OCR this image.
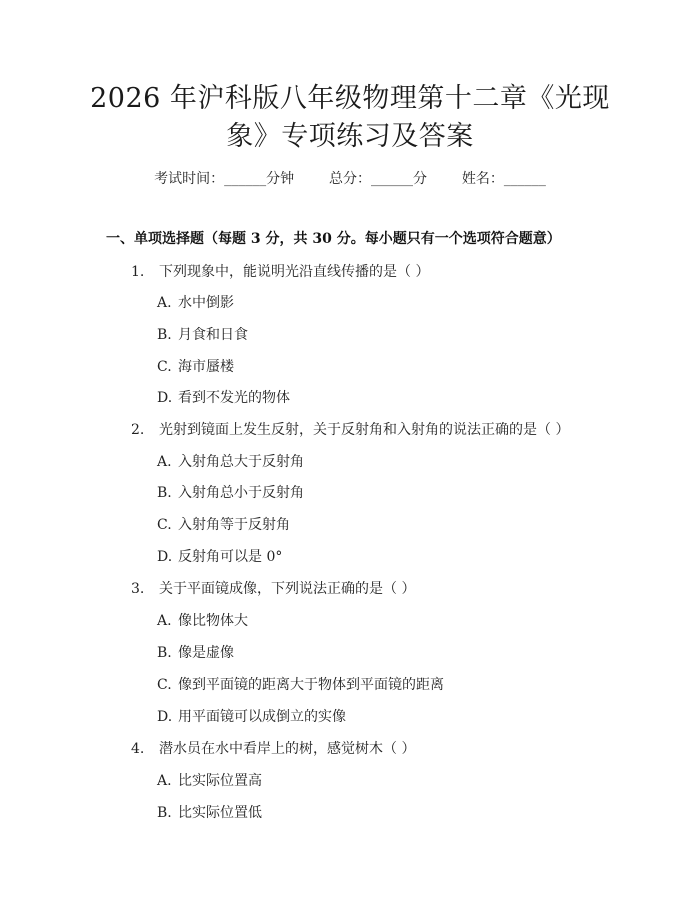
2026 年沪科版八年级物理第十二章《光现
象》专项练习及答案
考试时间：______分钟 总分：______分 姓名：______
一、单项选择题（每题 3 分，共 30 分。每小题只有一个选项符合题意）
1. 下列现象中，能说明光沿直线传播的是（ ）
A. 水中倒影
B. 月食和日食
C. 海市蜃楼
D. 看到不发光的物体
2. 光射到镜面上发生反射，关于反射角和入射角的说法正确的是（ ）
A. 入射角总大于反射角
B. 入射角总小于反射角
C. 入射角等于反射角
D. 反射角可以是 0°
3. 关于平面镜成像，下列说法正确的是（ ）
A. 像比物体大
B. 像是虚像
C. 像到平面镜的距离大于物体到平面镜的距离
D. 用平面镜可以成倒立的实像
4. 潜水员在水中看岸上的树，感觉树木（ ）
A. 比实际位置高
B. 比实际位置低
